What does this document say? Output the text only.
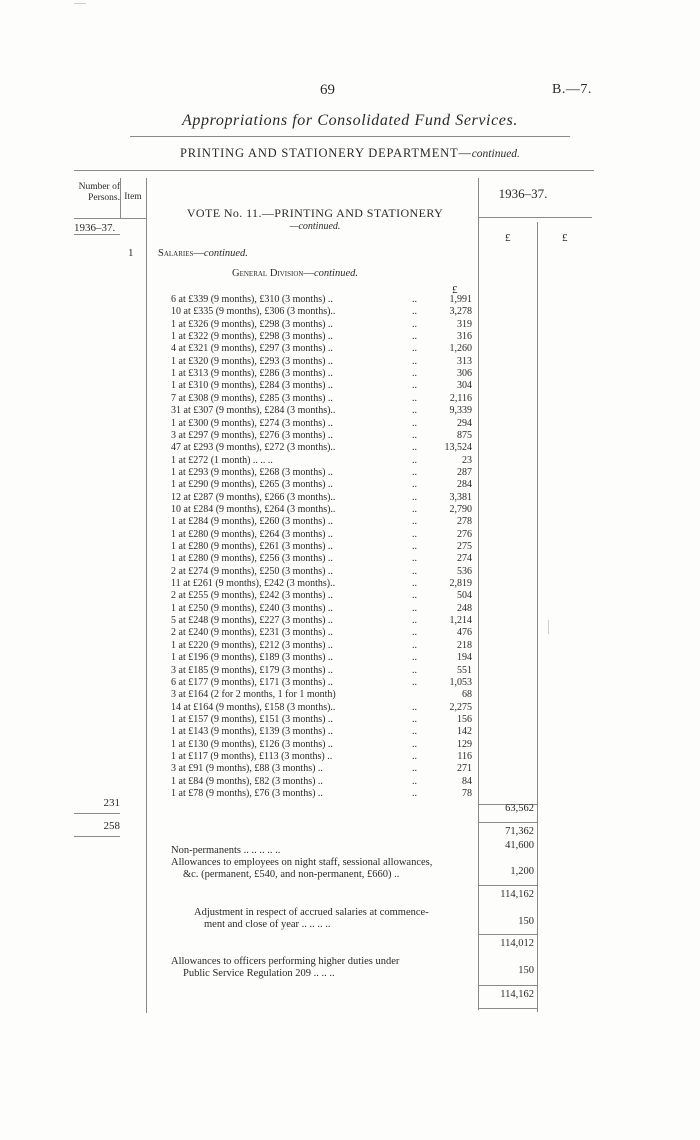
69	B.—7.
Appropriations for Consolidated Fund Services.
PRINTING AND STATIONERY DEPARTMENT—continued.
Number of Persons. Item	1936–37.
1936–37.
VOTE No. 11.—PRINTING AND STATIONERY
—continued.
£	£
1 Salaries—continued.
General Division—continued.
£
6 at £339 (9 months), £310 (3 months) ..	..	1,991
10 at £335 (9 months), £306 (3 months)..	..	3,278
1 at £326 (9 months), £298 (3 months) ..	..	319
1 at £322 (9 months), £298 (3 months) ..	..	316
4 at £321 (9 months), £297 (3 months) ..	..	1,260
1 at £320 (9 months), £293 (3 months) ..	..	313
1 at £313 (9 months), £286 (3 months) ..	..	306
1 at £310 (9 months), £284 (3 months) ..	..	304
7 at £308 (9 months), £285 (3 months) ..	..	2,116
31 at £307 (9 months), £284 (3 months)..	..	9,339
1 at £300 (9 months), £274 (3 months) ..	..	294
3 at £297 (9 months), £276 (3 months) ..	..	875
47 at £293 (9 months), £272 (3 months)..	..	13,524
1 at £272 (1 month) .. .. ..	..	23
1 at £293 (9 months), £268 (3 months) ..	..	287
1 at £290 (9 months), £265 (3 months) ..	..	284
12 at £287 (9 months), £266 (3 months)..	..	3,381
10 at £284 (9 months), £264 (3 months)..	..	2,790
1 at £284 (9 months), £260 (3 months) ..	..	278
1 at £280 (9 months), £264 (3 months) ..	..	276
1 at £280 (9 months), £261 (3 months) ..	..	275
1 at £280 (9 months), £256 (3 months) ..	..	274
2 at £274 (9 months), £250 (3 months) ..	..	536
11 at £261 (9 months), £242 (3 months)..	..	2,819
2 at £255 (9 months), £242 (3 months) ..	..	504
1 at £250 (9 months), £240 (3 months) ..	..	248
5 at £248 (9 months), £227 (3 months) ..	..	1,214
2 at £240 (9 months), £231 (3 months) ..	..	476
1 at £220 (9 months), £212 (3 months) ..	..	218
1 at £196 (9 months), £189 (3 months) ..	..	194
3 at £185 (9 months), £179 (3 months) ..	..	551
6 at £177 (9 months), £171 (3 months) ..	..	1,053
3 at £164 (2 for 2 months, 1 for 1 month)	68
14 at £164 (9 months), £158 (3 months)..	..	2,275
1 at £157 (9 months), £151 (3 months) ..	..	156
1 at £143 (9 months), £139 (3 months) ..	..	142
1 at £130 (9 months), £126 (3 months) ..	..	129
1 at £117 (9 months), £113 (3 months) ..	..	116
3 at £91 (9 months), £88 (3 months) ..	..	271
1 at £84 (9 months), £82 (3 months) ..	..	84
1 at £78 (9 months), £76 (3 months) ..	..	78
231	63,562
258	71,362
Non-permanents .. .. .. .. ..	41,600
Allowances to employees on night staff, sessional allowances,
&c. (permanent, £540, and non-permanent, £660) ..	1,200
114,162
Adjustment in respect of accrued salaries at commence-
ment and close of year .. .. .. ..	150
114,012
Allowances to officers performing higher duties under
Public Service Regulation 209 .. .. ..	150
114,162
